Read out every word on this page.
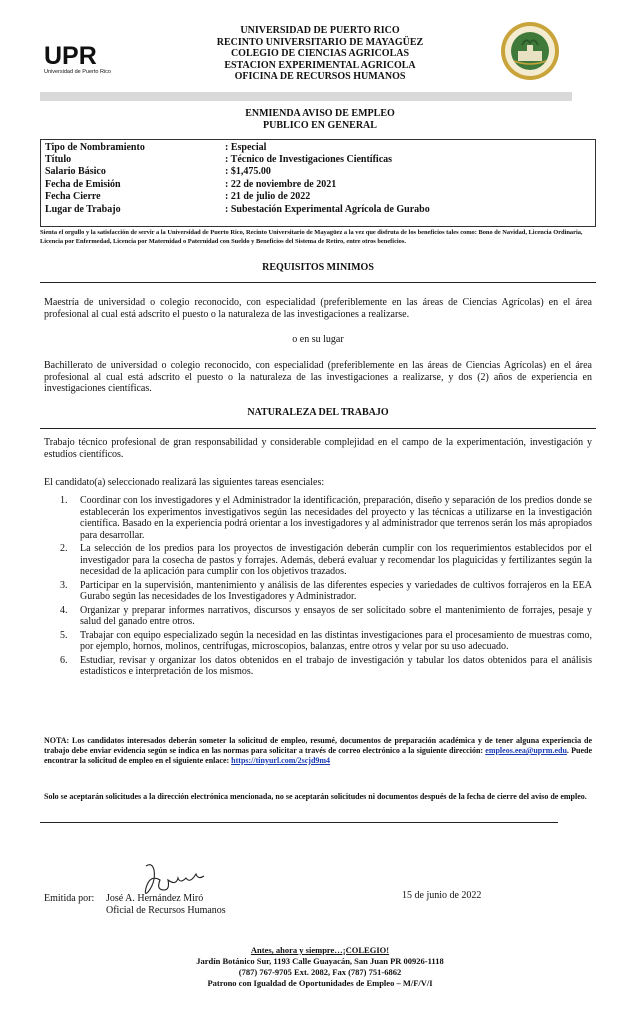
UPR
Universidad de Puerto Rico
UNIVERSIDAD DE PUERTO RICO
RECINTO UNIVERSITARIO DE MAYAGÜEZ
COLEGIO DE CIENCIAS AGRICOLAS
ESTACION EXPERIMENTAL AGRICOLA
OFICINA DE RECURSOS HUMANOS
ENMIENDA AVISO DE EMPLEO
PUBLICO EN GENERAL
Tipo de Nombramiento	: Especial
Título	: Técnico de Investigaciones Científicas
Salario Básico	: $1,475.00
Fecha de Emisión	: 22 de noviembre de 2021
Fecha Cierre	: 21 de julio de 2022
Lugar de Trabajo	: Subestación Experimental Agrícola de Gurabo
Sienta el orgullo y la satisfacción de servir a la Universidad de Puerto Rico, Recinto Universitario de Mayagüez a la vez que disfruta de los beneficios tales como: Bono de Navidad, Licencia Ordinaria, Licencia por Enfermedad, Licencia por Maternidad o Paternidad con Sueldo y Beneficios del Sistema de Retiro, entre otros beneficios.
REQUISITOS MINIMOS
Maestría de universidad o colegio reconocido, con especialidad (preferiblemente en las áreas de Ciencias Agrícolas) en el área profesional al cual está adscrito el puesto o la naturaleza de las investigaciones a realizarse.
o en su lugar
Bachillerato de universidad o colegio reconocido, con especialidad (preferiblemente en las áreas de Ciencias Agrícolas) en el área profesional al cual está adscrito el puesto o la naturaleza de las investigaciones a realizarse, y dos (2) años de experiencia en investigaciones científicas.
NATURALEZA DEL TRABAJO
Trabajo técnico profesional de gran responsabilidad y considerable complejidad en el campo de la experimentación, investigación y estudios científicos.
El candidato(a) seleccionado realizará las siguientes tareas esenciales:
1. Coordinar con los investigadores y el Administrador la identificación, preparación, diseño y separación de los predios donde se establecerán los experimentos investigativos según las necesidades del proyecto y las técnicas a utilizarse en la investigación científica. Basado en la experiencia podrá orientar a los investigadores y al administrador que terrenos serán los más apropiados para desarrollar.
2. La selección de los predios para los proyectos de investigación deberán cumplir con los requerimientos establecidos por el investigador para la cosecha de pastos y forrajes. Además, deberá evaluar y recomendar los plaguicidas y fertilizantes según la necesidad de la aplicación para cumplir con los objetivos trazados.
3. Participar en la supervisión, mantenimiento y análisis de las diferentes especies y variedades de cultivos forrajeros en la EEA Gurabo según las necesidades de los Investigadores y Administrador.
4. Organizar y preparar informes narrativos, discursos y ensayos de ser solicitado sobre el mantenimiento de forrajes, pesaje y salud del ganado entre otros.
5. Trabajar con equipo especializado según la necesidad en las distintas investigaciones para el procesamiento de muestras como, por ejemplo, hornos, molinos, centrífugas, microscopios, balanzas, entre otros y velar por su uso adecuado.
6. Estudiar, revisar y organizar los datos obtenidos en el trabajo de investigación y tabular los datos obtenidos para el análisis estadísticos e interpretación de los mismos.
NOTA: Los candidatos interesados deberán someter la solicitud de empleo, resumé, documentos de preparación académica y de tener alguna experiencia de trabajo debe enviar evidencia según se indica en las normas para solicitar a través de correo electrónico a la siguiente dirección: empleos.eea@uprm.edu. Puede encontrar la solicitud de empleo en el siguiente enlace: https://tinyurl.com/2scjd9m4
Solo se aceptarán solicitudes a la dirección electrónica mencionada, no se aceptarán solicitudes ni documentos después de la fecha de cierre del aviso de empleo.
Emitida por: José A. Hernández Miró
Oficial de Recursos Humanos
15 de junio de 2022
Antes, ahora y siempre…¡COLEGIO!
Jardín Botánico Sur, 1193 Calle Guayacán, San Juan PR 00926-1118
(787) 767-9705 Ext. 2082, Fax (787) 751-6862
Patrono con Igualdad de Oportunidades de Empleo – M/F/V/I
